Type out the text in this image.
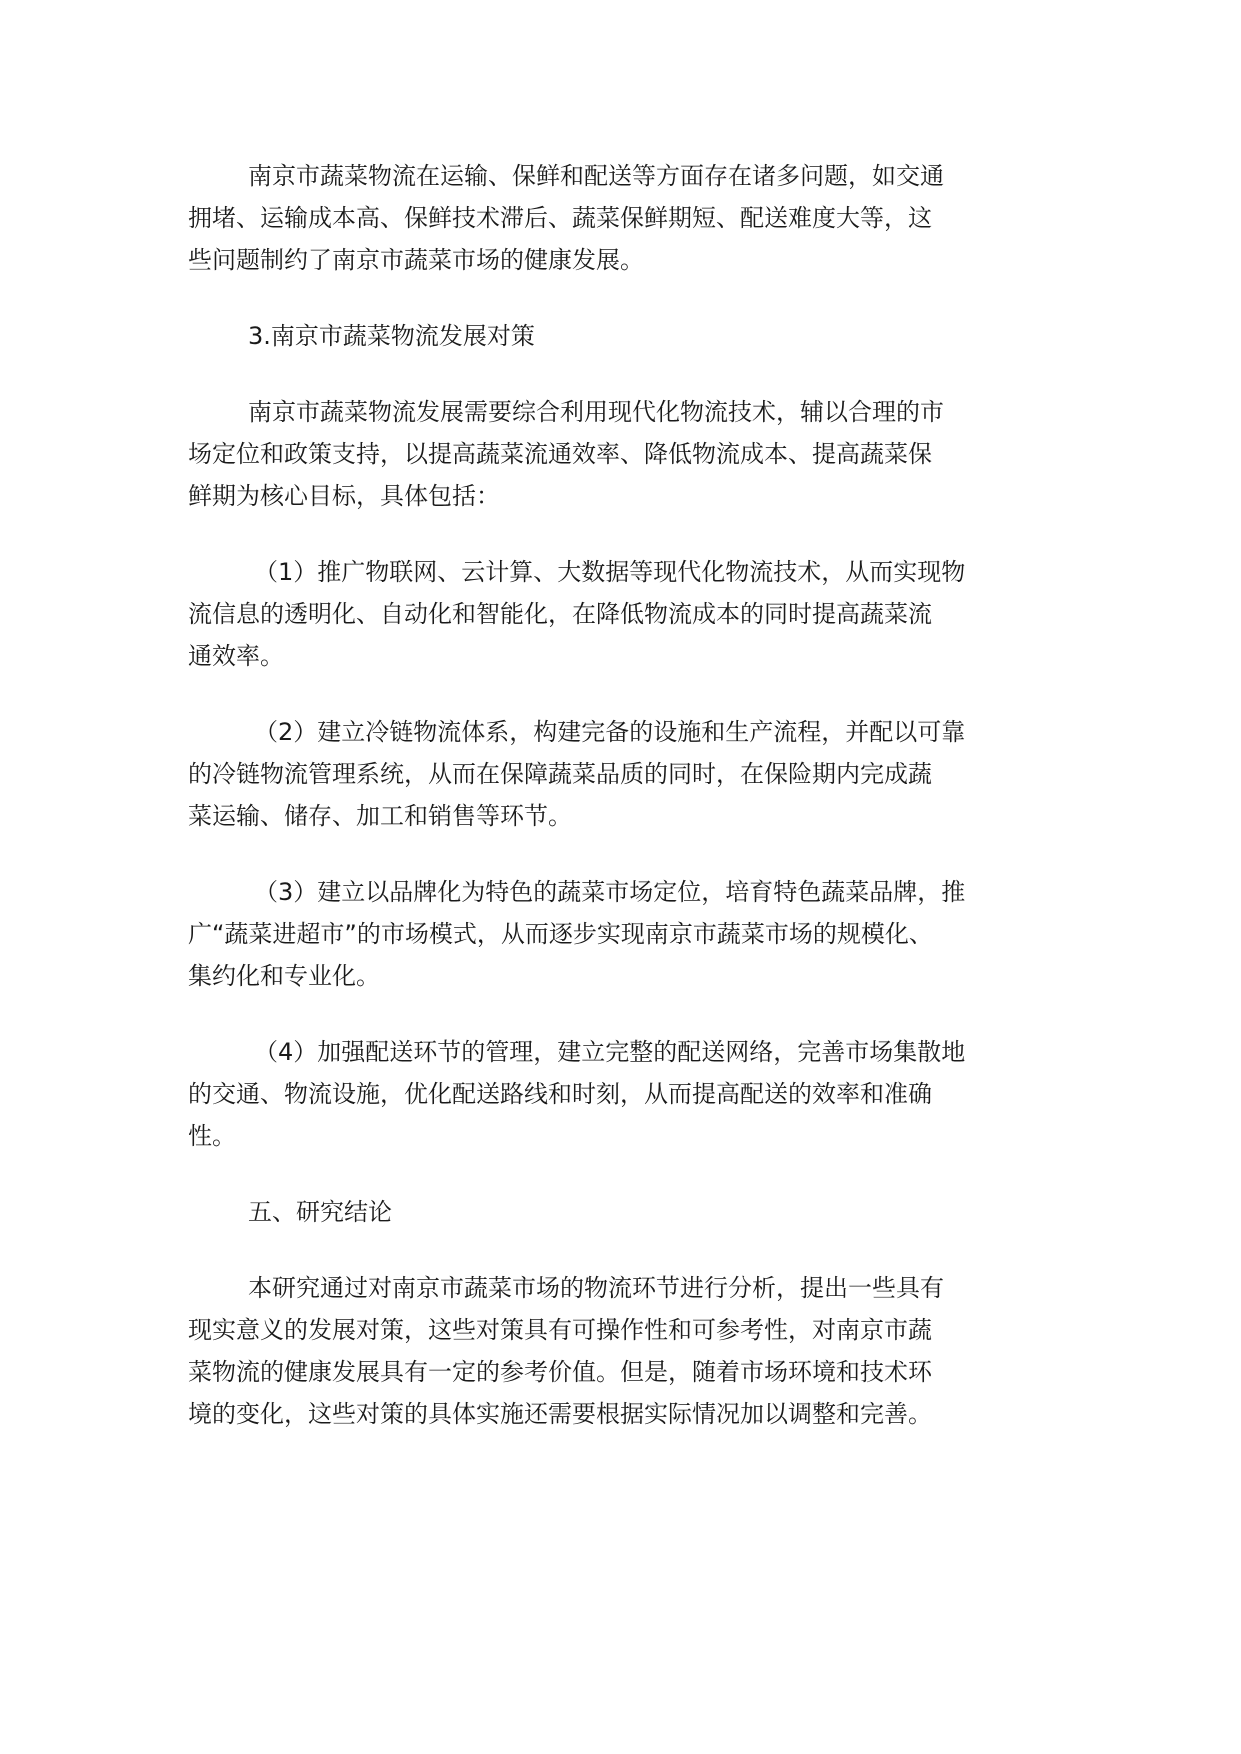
南京市蔬菜物流在运输、保鲜和配送等方面存在诸多问题，如交通
拥堵、运输成本高、保鲜技术滞后、蔬菜保鲜期短、配送难度大等，这
些问题制约了南京市蔬菜市场的健康发展。
3.南京市蔬菜物流发展对策
南京市蔬菜物流发展需要综合利用现代化物流技术，辅以合理的市
场定位和政策支持，以提高蔬菜流通效率、降低物流成本、提高蔬菜保
鲜期为核心目标，具体包括：
（1）推广物联网、云计算、大数据等现代化物流技术，从而实现物
流信息的透明化、自动化和智能化，在降低物流成本的同时提高蔬菜流
通效率。
（2）建立冷链物流体系，构建完备的设施和生产流程，并配以可靠
的冷链物流管理系统，从而在保障蔬菜品质的同时，在保险期内完成蔬
菜运输、储存、加工和销售等环节。
（3）建立以品牌化为特色的蔬菜市场定位，培育特色蔬菜品牌，推
广“蔬菜进超市”的市场模式，从而逐步实现南京市蔬菜市场的规模化、
集约化和专业化。
（4）加强配送环节的管理，建立完整的配送网络，完善市场集散地
的交通、物流设施，优化配送路线和时刻，从而提高配送的效率和准确
性。
五、研究结论
本研究通过对南京市蔬菜市场的物流环节进行分析，提出一些具有
现实意义的发展对策，这些对策具有可操作性和可参考性，对南京市蔬
菜物流的健康发展具有一定的参考价值。但是，随着市场环境和技术环
境的变化，这些对策的具体实施还需要根据实际情况加以调整和完善。
